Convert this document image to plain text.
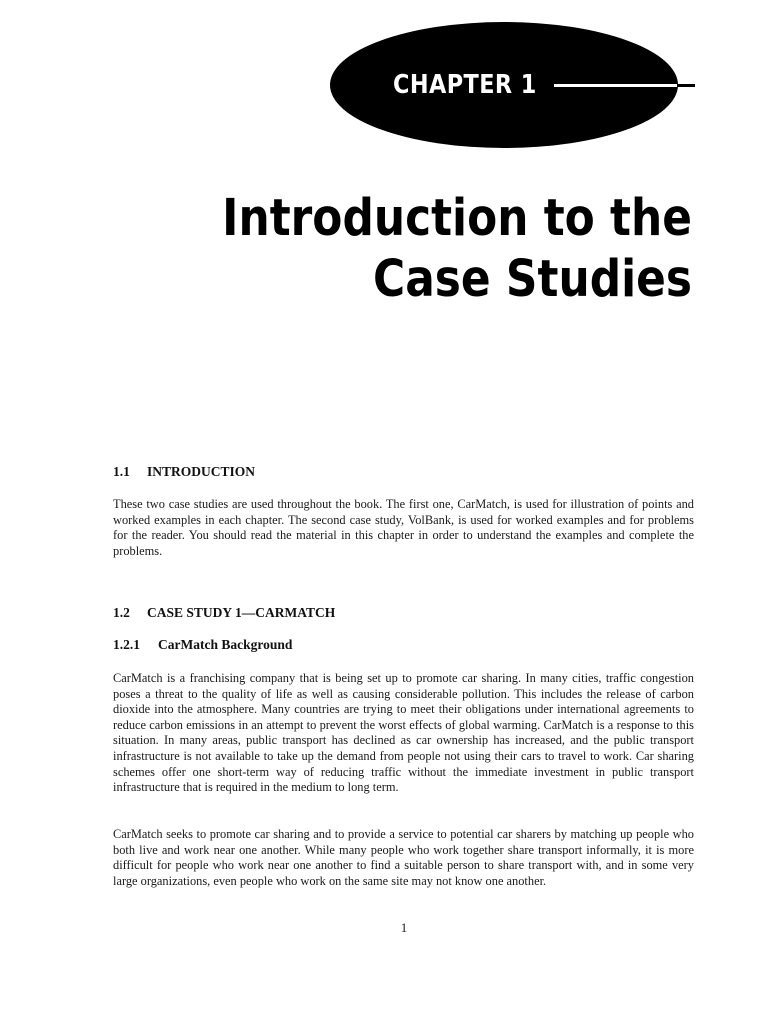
CHAPTER 1
Introduction to the
Case Studies
1.1 INTRODUCTION

These two case studies are used throughout the book. The first one, CarMatch, is used for illustration of points and worked examples in each chapter. The second case study, VolBank, is used for worked examples and for problems for the reader. You should read the material in this chapter in order to understand the examples and complete the problems.

1.2 CASE STUDY 1—CARMATCH
1.2.1 CarMatch Background

CarMatch is a franchising company that is being set up to promote car sharing. In many cities, traffic congestion poses a threat to the quality of life as well as causing considerable pollution. This includes the release of carbon dioxide into the atmosphere. Many countries are trying to meet their obligations under international agreements to reduce carbon emissions in an attempt to prevent the worst effects of global warming. CarMatch is a response to this situation. In many areas, public transport has declined as car ownership has increased, and the public transport infrastructure is not available to take up the demand from people not using their cars to travel to work. Car sharing schemes offer one short-term way of reducing traffic without the immediate investment in public transport infrastructure that is required in the medium to long term.

CarMatch seeks to promote car sharing and to provide a service to potential car sharers by matching up people who both live and work near one another. While many people who work together share transport informally, it is more difficult for people who work near one another to find a suitable person to share transport with, and in some very large organizations, even people who work on the same site may not know one another.

1
